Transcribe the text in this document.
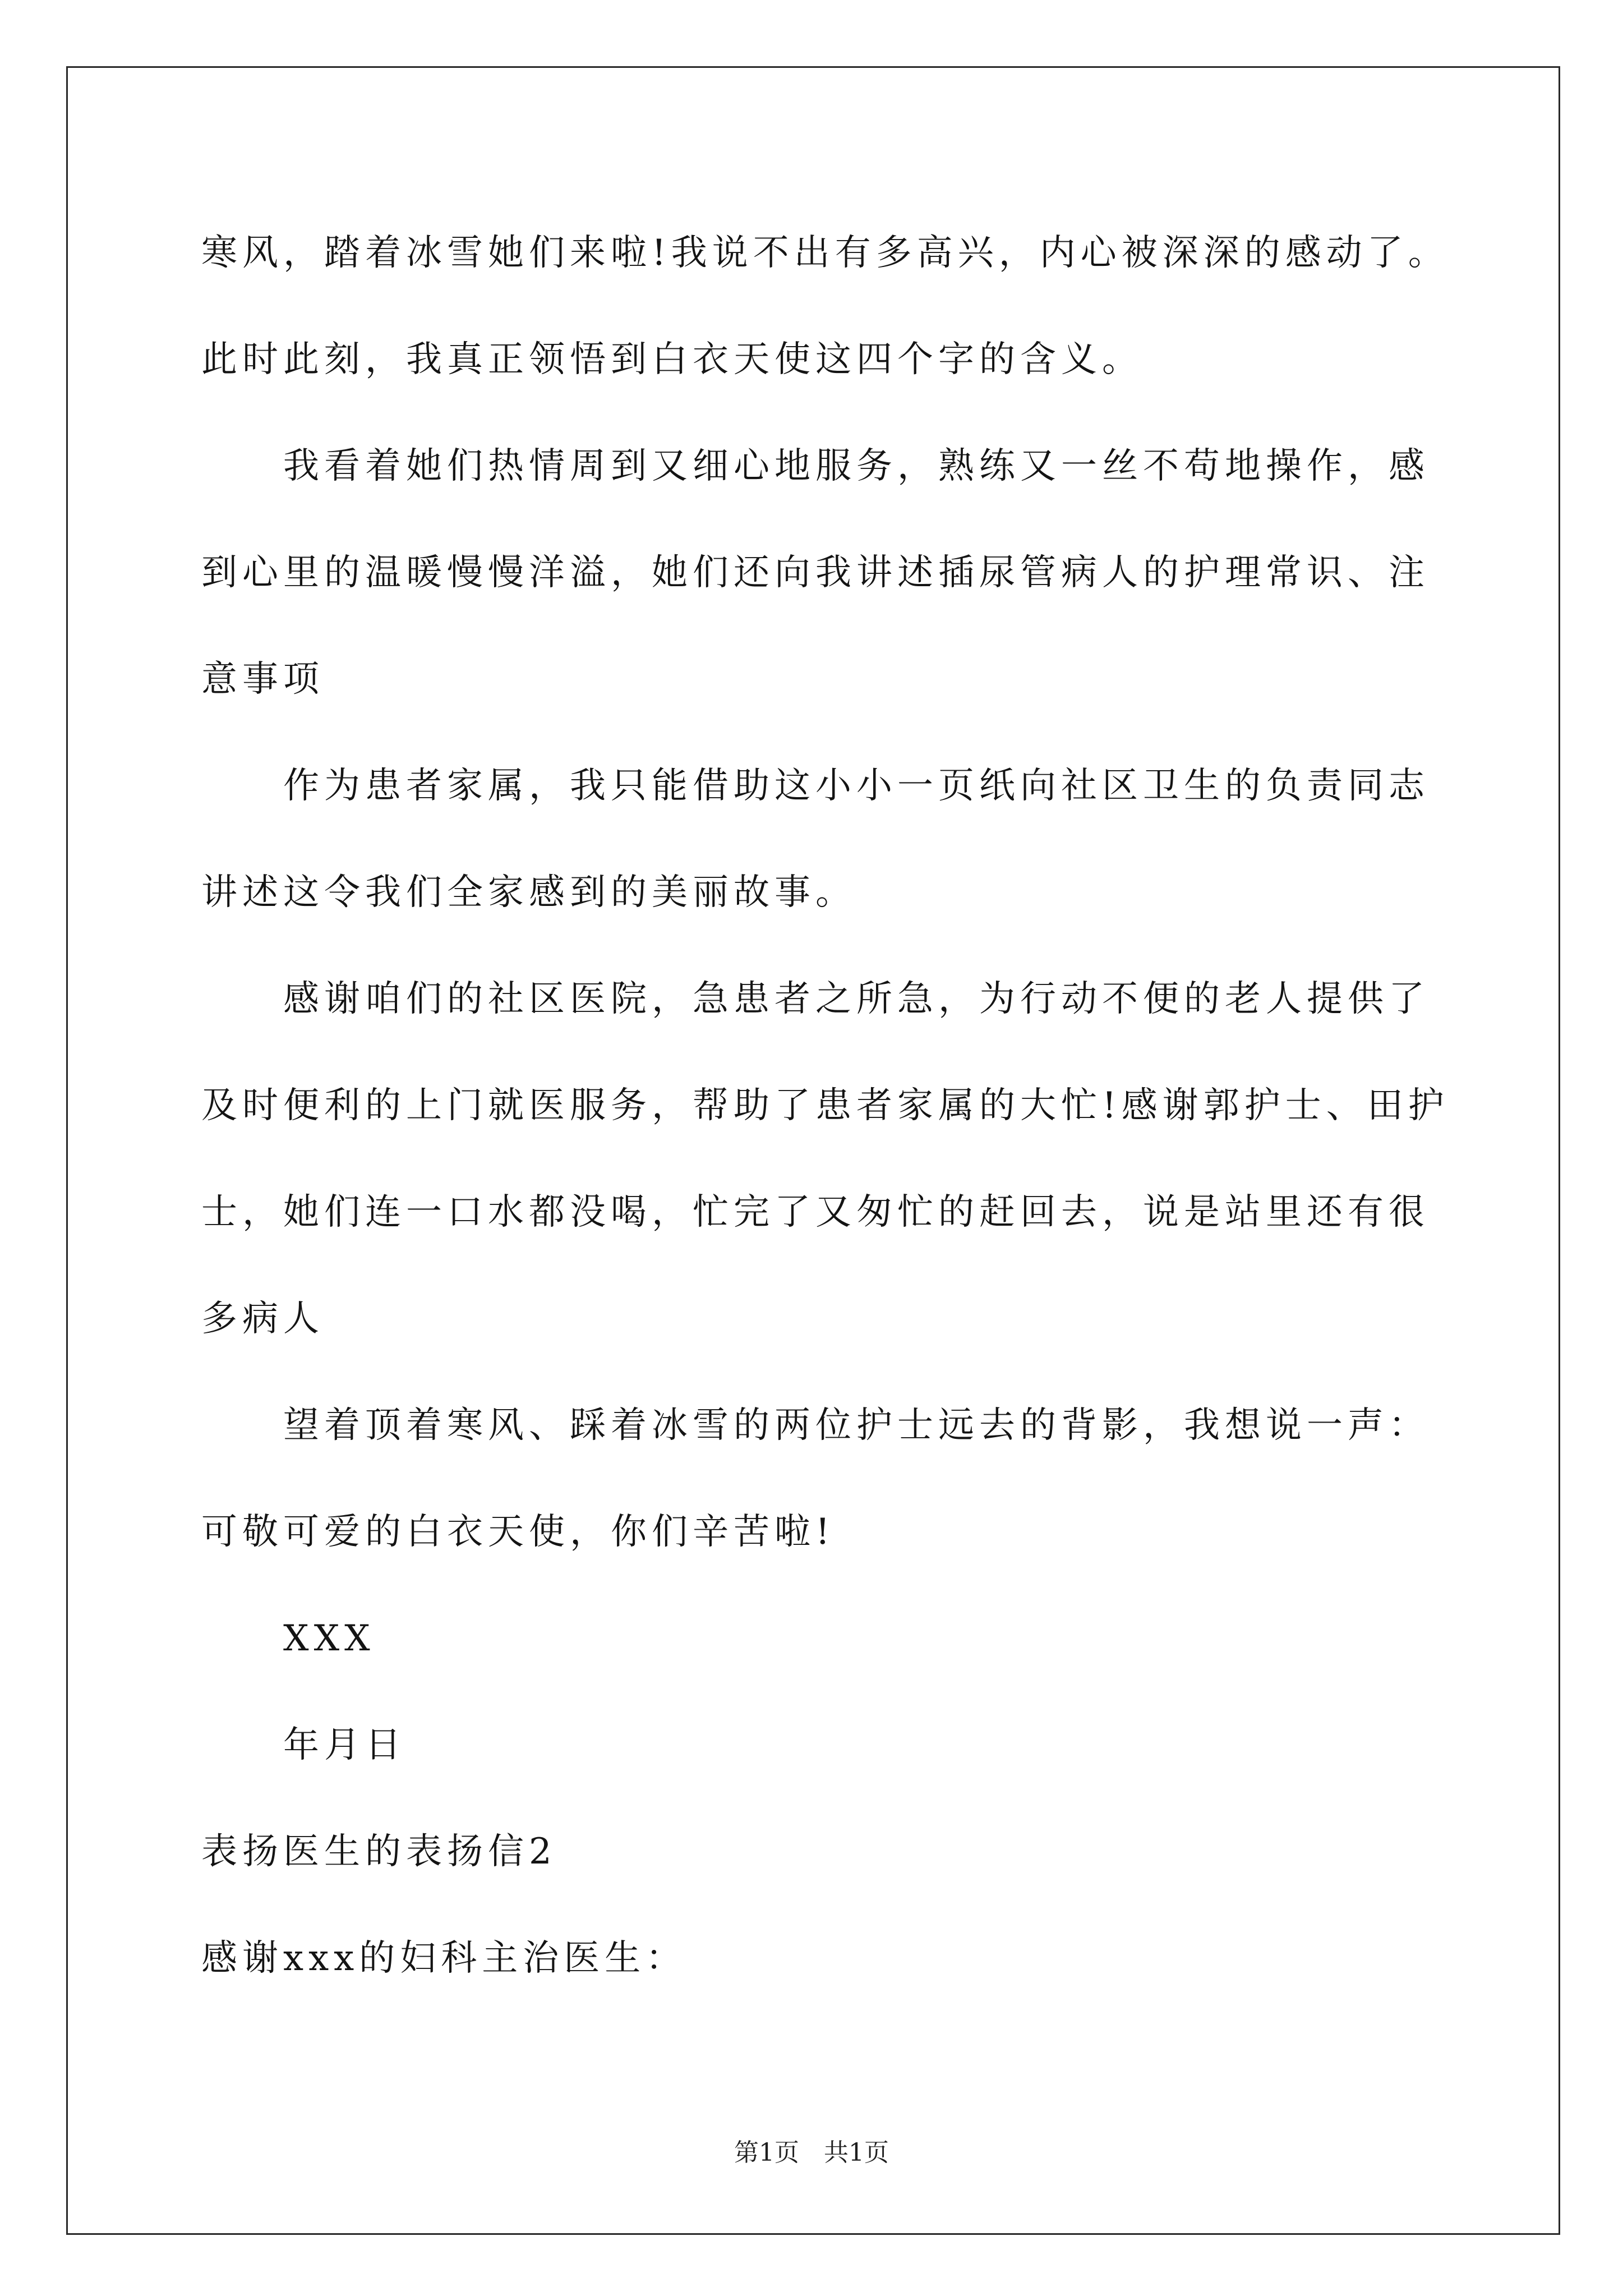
寒风，踏着冰雪她们来啦!我说不出有多高兴，内心被深深的感动了。
此时此刻，我真正领悟到白衣天使这四个字的含义。
我看着她们热情周到又细心地服务，熟练又一丝不苟地操作，感
到心里的温暖慢慢洋溢，她们还向我讲述插尿管病人的护理常识、注
意事项
作为患者家属，我只能借助这小小一页纸向社区卫生的负责同志
讲述这令我们全家感到的美丽故事。
感谢咱们的社区医院，急患者之所急，为行动不便的老人提供了
及时便利的上门就医服务，帮助了患者家属的大忙!感谢郭护士、田护
士，她们连一口水都没喝，忙完了又匆忙的赶回去，说是站里还有很
多病人
望着顶着寒风、踩着冰雪的两位护士远去的背影，我想说一声：
可敬可爱的白衣天使，你们辛苦啦!
XXX
年月日
表扬医生的表扬信2
感谢xxx的妇科主治医生：
第1页 共1页
